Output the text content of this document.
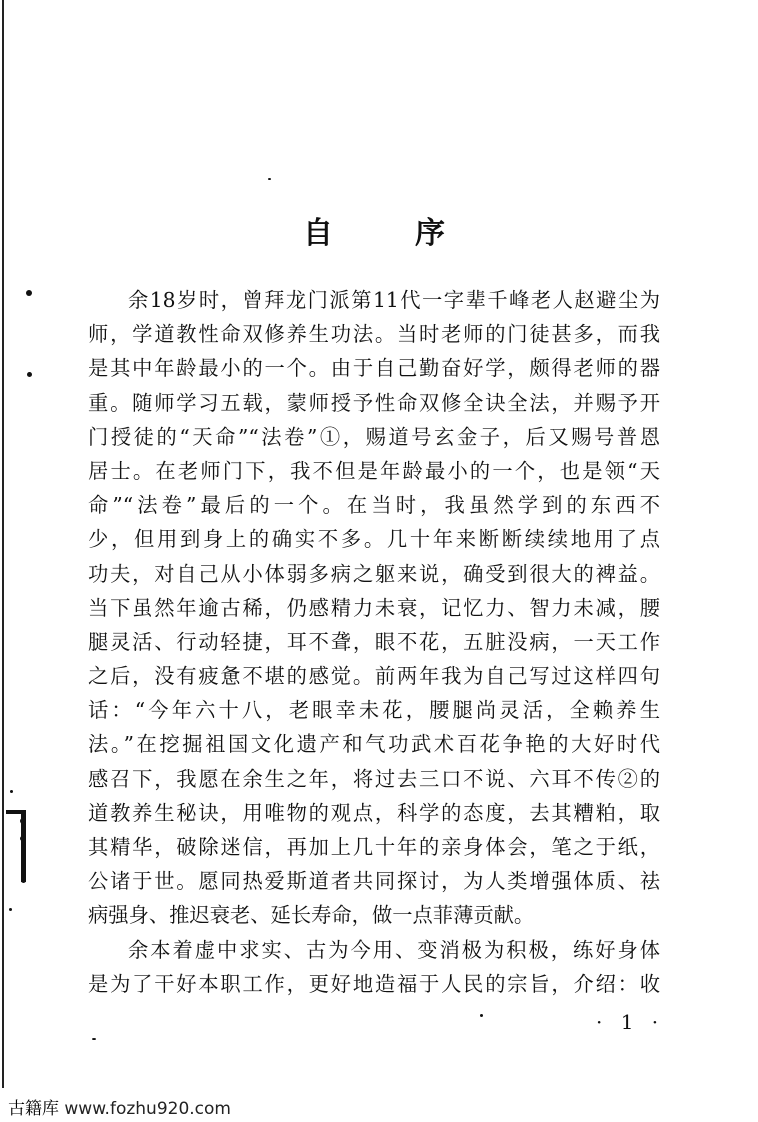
自	序
余18岁时，曾拜龙门派第11代一字辈千峰老人赵避尘为
师，学道教性命双修养生功法。当时老师的门徒甚多，而我
是其中年龄最小的一个。由于自己勤奋好学，颇得老师的器
重。随师学习五载，蒙师授予性命双修全诀全法，并赐予开
门授徒的“天命”“法卷”①，赐道号玄金子，后又赐号普恩
居士。在老师门下，我不但是年龄最小的一个，也是领“天
命”“法卷”最后的一个。在当时，我虽然学到的东西不
少，但用到身上的确实不多。几十年来断断续续地用了点
功夫，对自己从小体弱多病之躯来说，确受到很大的裨益。
当下虽然年逾古稀，仍感精力未衰，记忆力、智力未减，腰
腿灵活、行动轻捷，耳不聋，眼不花，五脏没病，一天工作
之后，没有疲惫不堪的感觉。前两年我为自己写过这样四句
话：“今年六十八，老眼幸未花，腰腿尚灵活，全赖养生
法。”在挖掘祖国文化遗产和气功武术百花争艳的大好时代
感召下，我愿在余生之年，将过去三口不说、六耳不传②的
道教养生秘诀，用唯物的观点，科学的态度，去其糟粕，取
其精华，破除迷信，再加上几十年的亲身体会，笔之于纸，
公诸于世。愿同热爱斯道者共同探讨，为人类增强体质、祛
病强身、推迟衰老、延长寿命，做一点菲薄贡献。
余本着虚中求实、古为今用、变消极为积极，练好身体
是为了干好本职工作，更好地造福于人民的宗旨，介绍：收
· 1 ·
古籍库 www.fozhu920.com
